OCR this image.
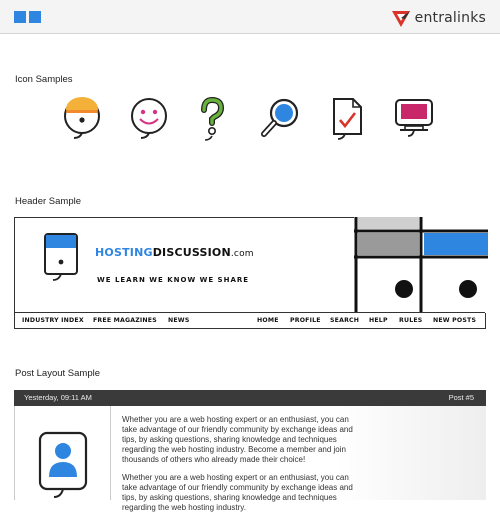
entralinks
Icon Samples
Header Sample
HOSTINGDISCUSSION.com
WE LEARN WE KNOW WE SHARE
INDUSTRY INDEX FREE MAGAZINES NEWS	HOME PROFILE SEARCH HELP RULES NEW POSTS
Post Layout Sample
Yesterday, 09:11 AM	Post #5

Whether you are a web hosting expert or an enthusiast, you can take advantage of our friendly community by exchange ideas and tips, by asking questions, sharing knowledge and techniques regarding the web hosting industry. Become a member and join thousands of others who already made their choice!

Whether you are a web hosting expert or an enthusiast, you can take advantage of our friendly community by exchange ideas and tips, by asking questions, sharing knowledge and techniques regarding the web hosting industry.
